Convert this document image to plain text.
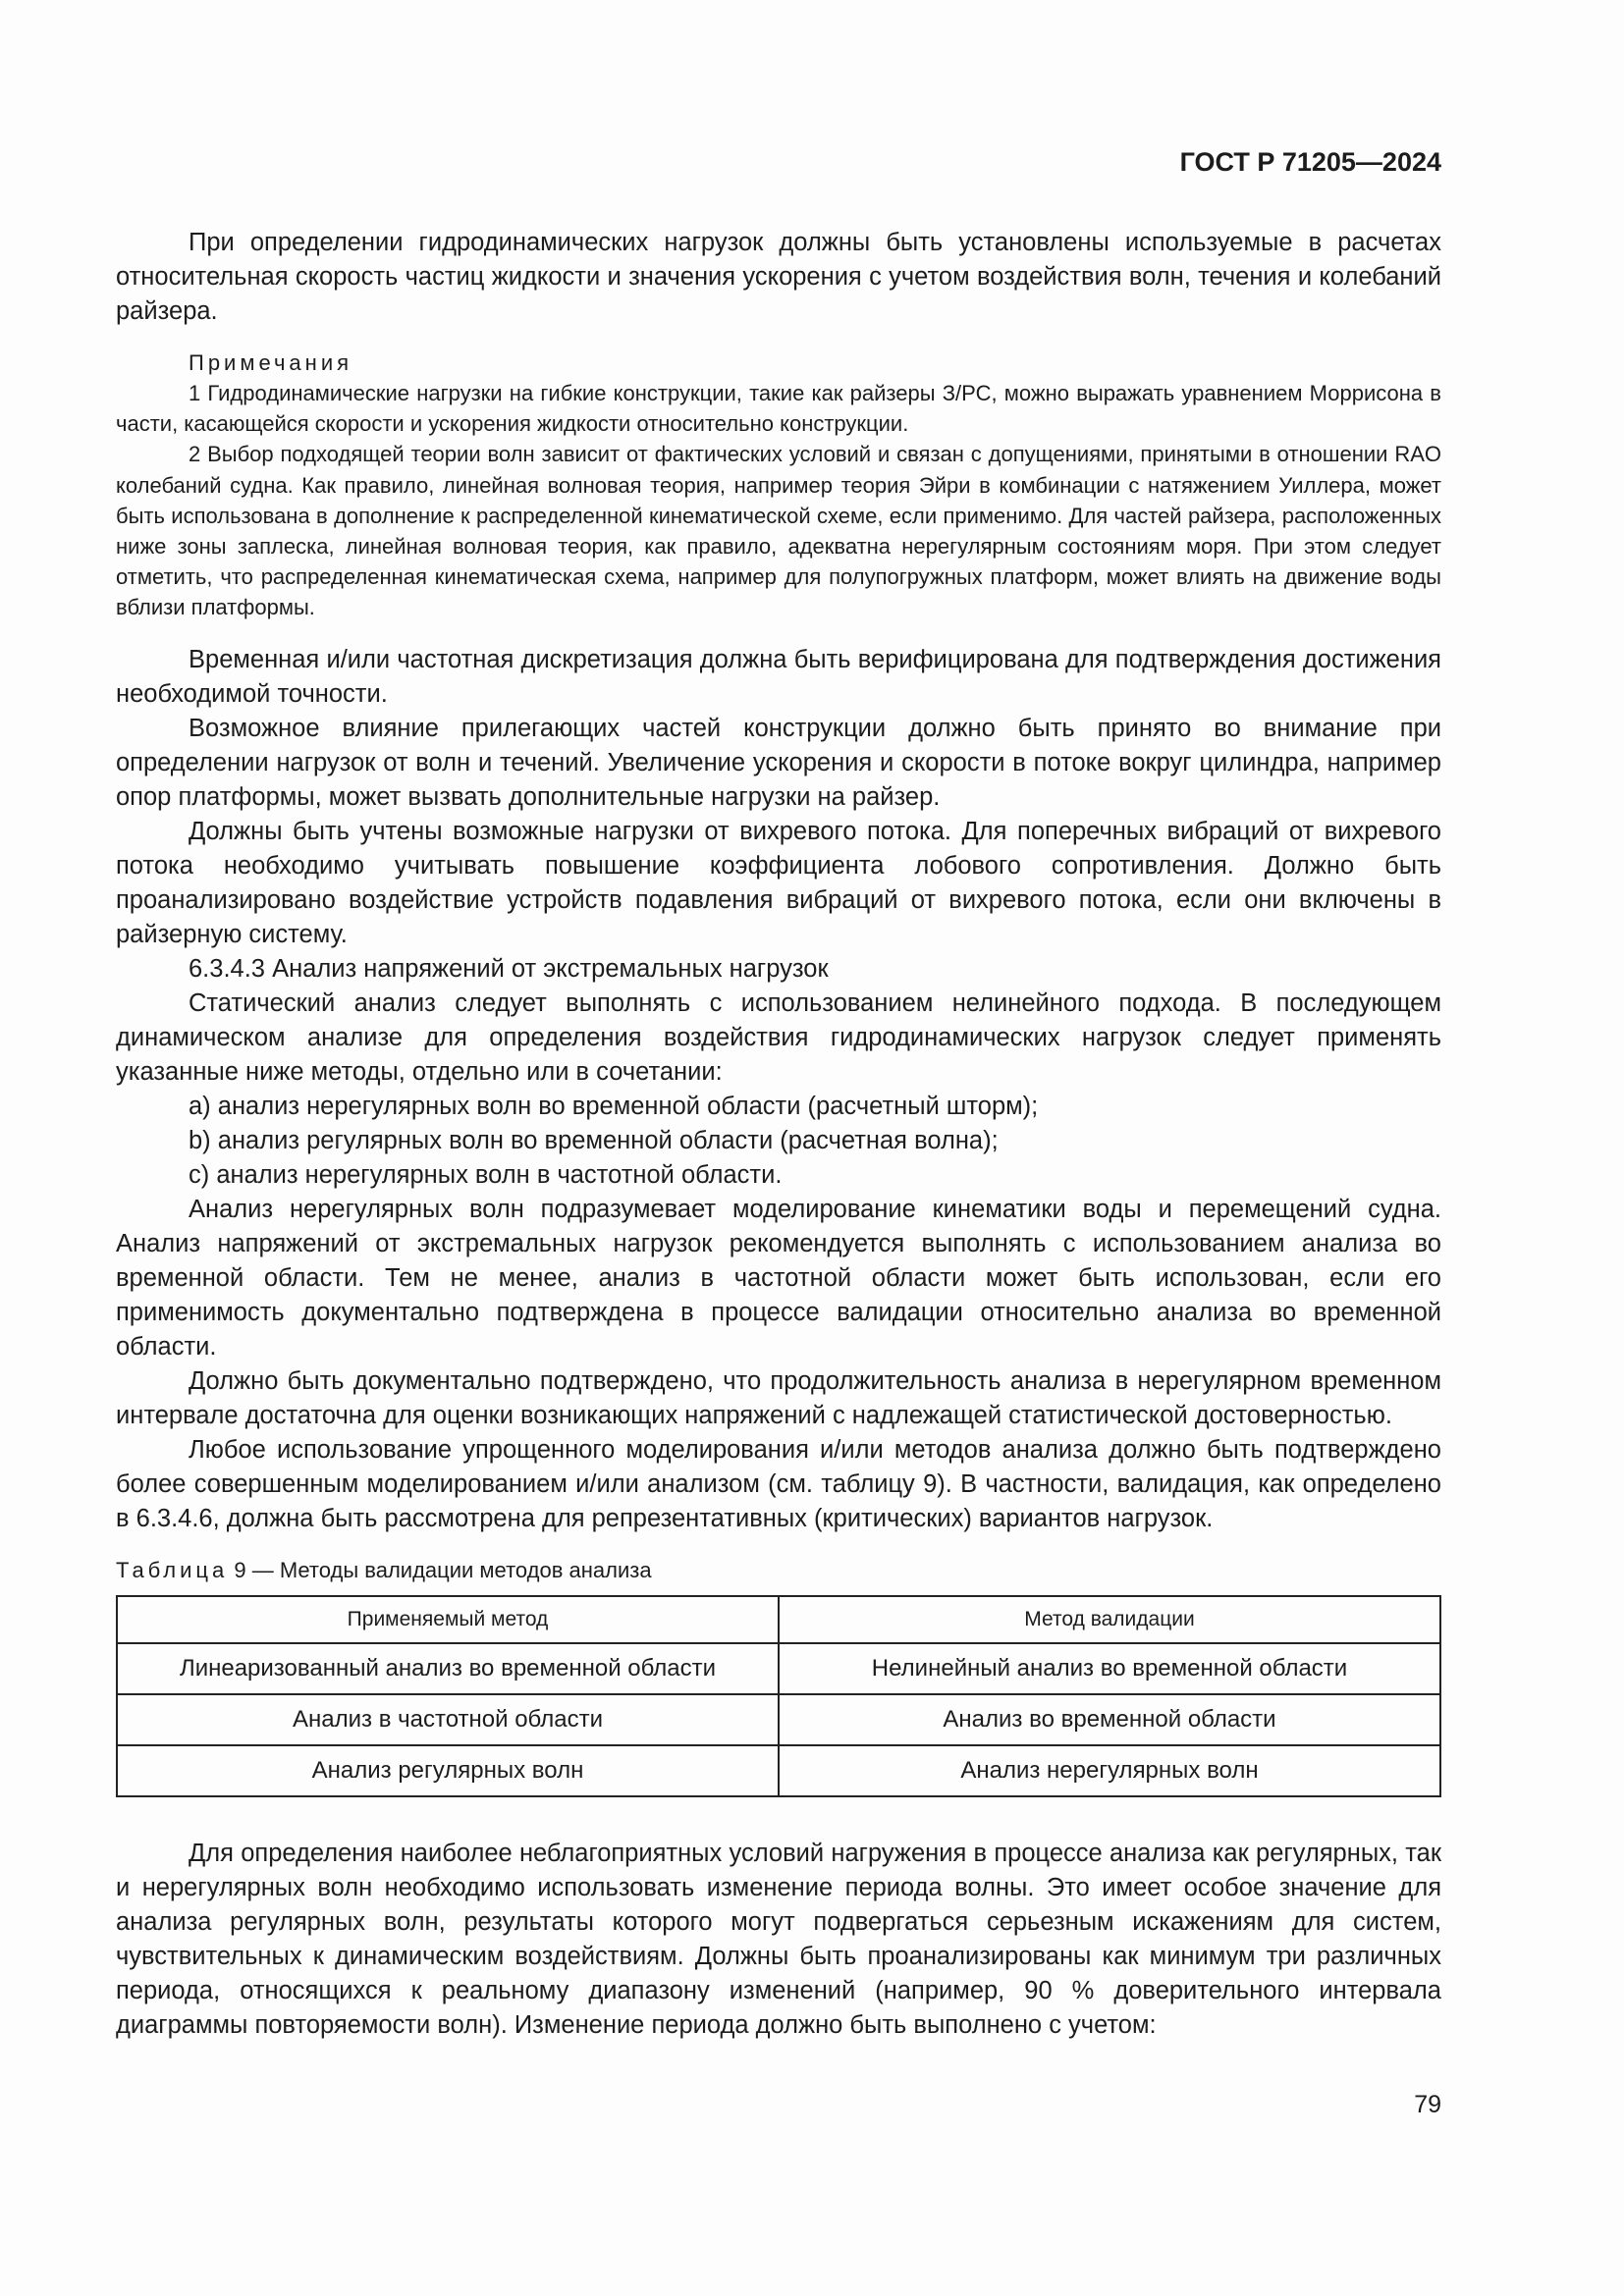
ГОСТ Р 71205—2024

При определении гидродинамических нагрузок должны быть установлены используемые в расчетах относительная скорость частиц жидкости и значения ускорения с учетом воздействия волн, течения и колебаний райзера.

Примечания

1 Гидродинамические нагрузки на гибкие конструкции, такие как райзеры З/РС, можно выражать уравнением Моррисона в части, касающейся скорости и ускорения жидкости относительно конструкции.

2 Выбор подходящей теории волн зависит от фактических условий и связан с допущениями, принятыми в отношении RAO колебаний судна. Как правило, линейная волновая теория, например теория Эйри в комбинации с натяжением Уиллера, может быть использована в дополнение к распределенной кинематической схеме, если применимо. Для частей райзера, расположенных ниже зоны заплеска, линейная волновая теория, как правило, адекватна нерегулярным состояниям моря. При этом следует отметить, что распределенная кинематическая схема, например для полупогружных платформ, может влиять на движение воды вблизи платформы.

Временная и/или частотная дискретизация должна быть верифицирована для подтверждения достижения необходимой точности.

Возможное влияние прилегающих частей конструкции должно быть принято во внимание при определении нагрузок от волн и течений. Увеличение ускорения и скорости в потоке вокруг цилиндра, например опор платформы, может вызвать дополнительные нагрузки на райзер.

Должны быть учтены возможные нагрузки от вихревого потока. Для поперечных вибраций от вихревого потока необходимо учитывать повышение коэффициента лобового сопротивления. Должно быть проанализировано воздействие устройств подавления вибраций от вихревого потока, если они включены в райзерную систему.

6.3.4.3 Анализ напряжений от экстремальных нагрузок

Статический анализ следует выполнять с использованием нелинейного подхода. В последующем динамическом анализе для определения воздействия гидродинамических нагрузок следует применять указанные ниже методы, отдельно или в сочетании:

a) анализ нерегулярных волн во временной области (расчетный шторм);

b) анализ регулярных волн во временной области (расчетная волна);

c) анализ нерегулярных волн в частотной области.

Анализ нерегулярных волн подразумевает моделирование кинематики воды и перемещений судна. Анализ напряжений от экстремальных нагрузок рекомендуется выполнять с использованием анализа во временной области. Тем не менее, анализ в частотной области может быть использован, если его применимость документально подтверждена в процессе валидации относительно анализа во временной области.

Должно быть документально подтверждено, что продолжительность анализа в нерегулярном временном интервале достаточна для оценки возникающих напряжений с надлежащей статистической достоверностью.

Любое использование упрощенного моделирования и/или методов анализа должно быть подтверждено более совершенным моделированием и/или анализом (см. таблицу 9). В частности, валидация, как определено в 6.3.4.6, должна быть рассмотрена для репрезентативных (критических) вариантов нагрузок.

Таблица 9 — Методы валидации методов анализа

Применяемый метод	Метод валидации
Линеаризованный анализ во временной области	Нелинейный анализ во временной области
Анализ в частотной области	Анализ во временной области
Анализ регулярных волн	Анализ нерегулярных волн

Для определения наиболее неблагоприятных условий нагружения в процессе анализа как регулярных, так и нерегулярных волн необходимо использовать изменение периода волны. Это имеет особое значение для анализа регулярных волн, результаты которого могут подвергаться серьезным искажениям для систем, чувствительных к динамическим воздействиям. Должны быть проанализированы как минимум три различных периода, относящихся к реальному диапазону изменений (например, 90 % доверительного интервала диаграммы повторяемости волн). Изменение периода должно быть выполнено с учетом:

79
